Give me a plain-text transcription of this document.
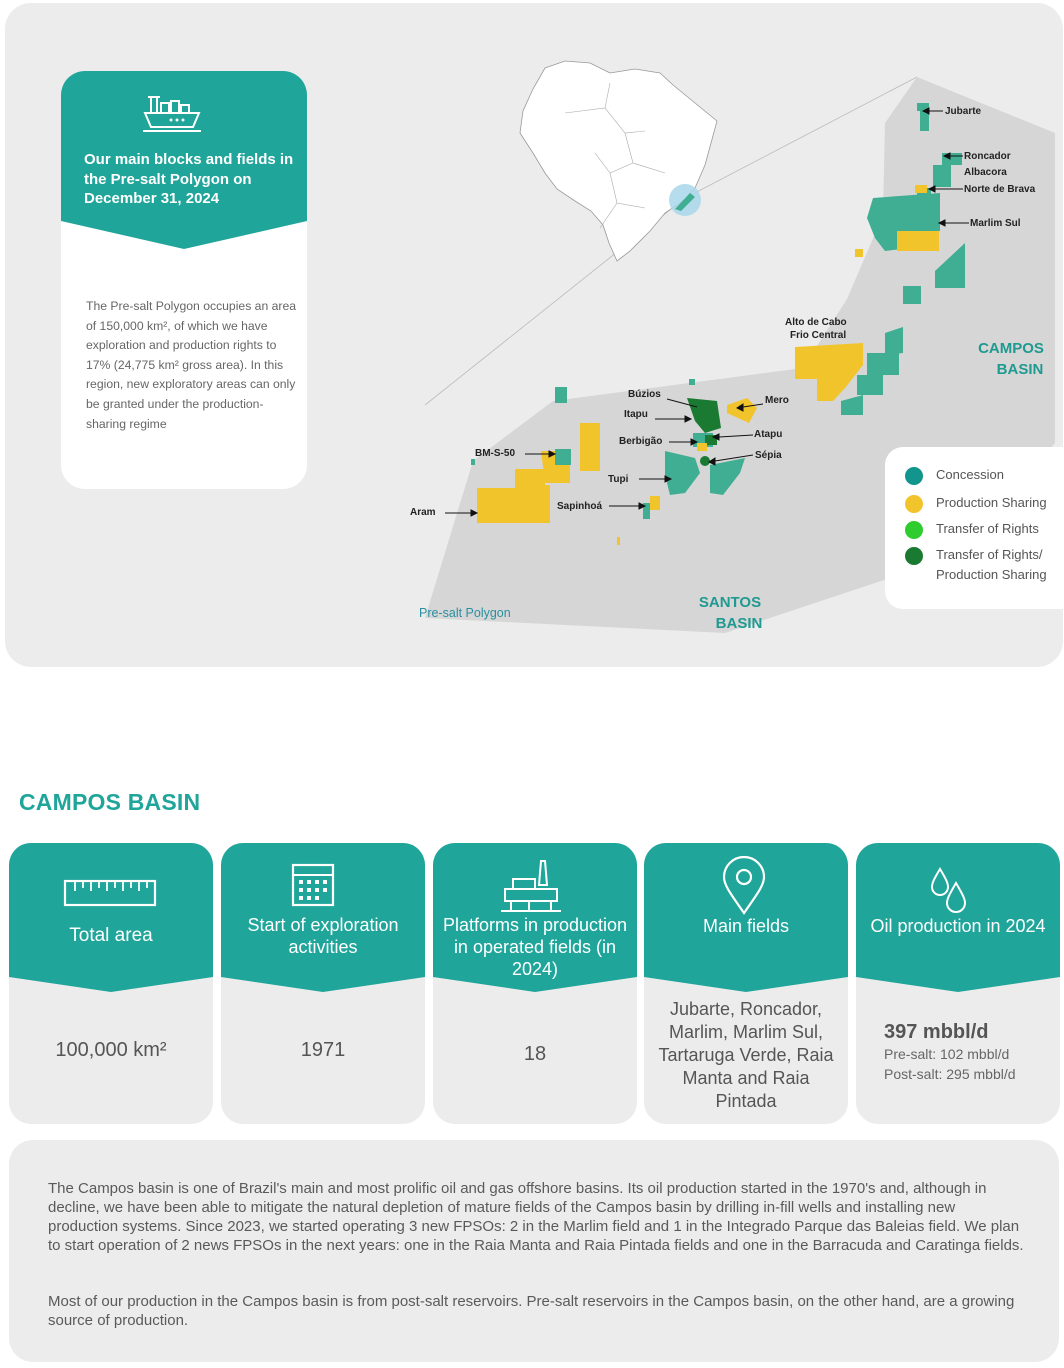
Jubarte
Roncador
Albacora
Norte de Brava
Marlim Sul
Alto de Cabo
Frio Central
Búzios
Mero
Itapu
Atapu
Berbigão
Sépia
BM-S-50
Tupi
Sapinhoá
Aram
CAMPOS
BASIN
SANTOS
BASIN
Pre-salt Polygon
Our main blocks and fields in the Pre-salt Polygon on December 31, 2024
The Pre-salt Polygon occupies an area of 150,000 km², of which we have exploration and production rights to 17% (24,775 km² gross area). In this region, new exploratory areas can only be granted under the production-sharing regime
Concession
Production Sharing
Transfer of Rights
Transfer of Rights/ Production Sharing
CAMPOS BASIN
Total area
100,000 km²
Start of exploration activities
1971
Platforms in production in operated fields (in 2024)
18
Main fields
Jubarte, Roncador, Marlim, Marlim Sul, Tartaruga Verde, Raia Manta and Raia Pintada
Oil production in 2024
397 mbbl/d
Pre-salt: 102 mbbl/d
Post-salt: 295 mbbl/d
The Campos basin is one of Brazil's main and most prolific oil and gas offshore basins. Its oil production started in the 1970's and, although in decline, we have been able to mitigate the natural depletion of mature fields of the Campos basin by drilling in-fill wells and installing new production systems. Since 2023, we started operating 3 new FPSOs: 2 in the Marlim field and 1 in the Integrado Parque das Baleias field. We plan to start operation of 2 news FPSOs in the next years: one in the Raia Manta and Raia Pintada fields and one in the Barracuda and Caratinga fields.
Most of our production in the Campos basin is from post-salt reservoirs. Pre-salt reservoirs in the Campos basin, on the other hand, are a growing source of production.
